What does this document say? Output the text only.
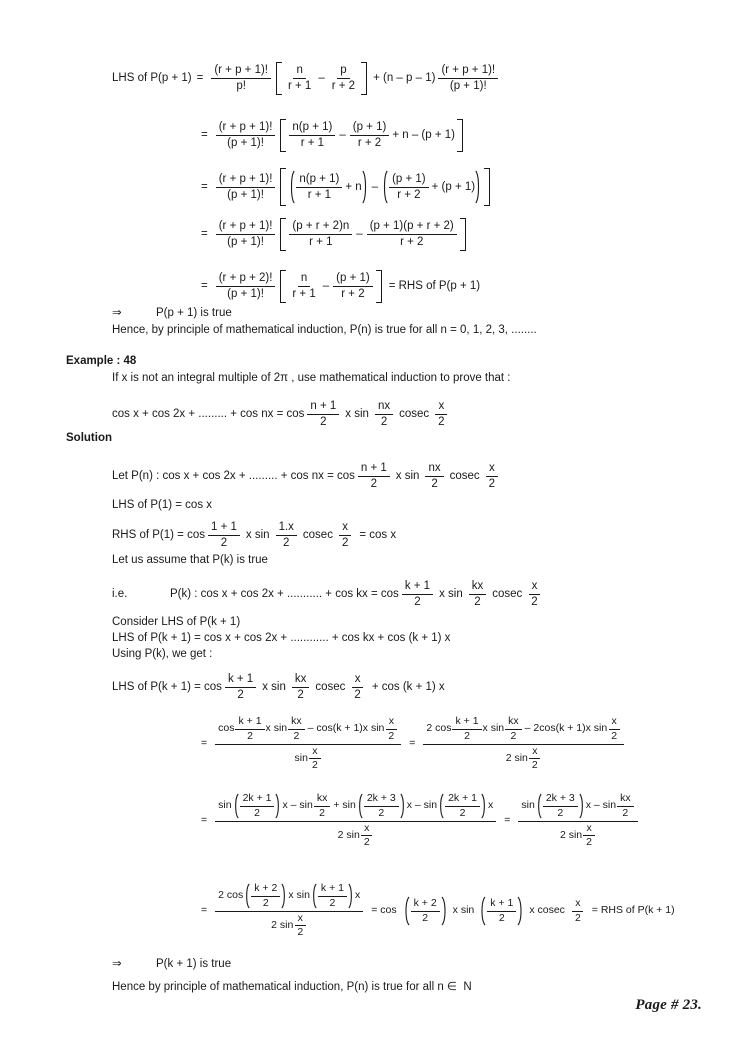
LHS of $P(p + 1) = \frac{(r + p + 1)!}{p!} \frac{n}{r + 1} - \frac{p}{r + 2} + (n - p - 1) \frac{(r + p + 1)!}{(p + 1)!}$
= $\frac{(r + p + 1)!}{(p + 1)!} \frac{n(p + 1)}{r + 1} - \frac{(p + 1)}{r + 2} + n - (p + 1)$
= $\frac{(r + p + 1)!}{(p + 1)!} \frac{n(p + 1)}{r + 1} + n - \frac{(p + 1)}{r + 2} + (p + 1)$
= $\frac{(r + p + 1)!}{(p + 1)!} \frac{(p + r + 2)n}{r + 1} - \frac{(p + 1)(p + r + 2)}{r + 2}$
= $\frac{(r + p + 2)!}{(p + 1)!} \frac{n}{r + 1} - \frac{(p + 1)}{r + 2}$ = RHS of P(p + 1)
⇒	P(p + 1) is true
Hence, by principle of mathematical induction, P(n) is true for all n = 0, 1, 2, 3, ........
Example : 48
If x is not an integral multiple of 2π , use mathematical induction to prove that :
cos x + cos 2x + ......... + cos nx = $\cos \frac{n + 1}{2}$ x $\sin \frac{nx}{2}$ cosec $\frac{x}{2}$
Solution
Let P(n) : cos x + cos 2x + ......... + cos nx = $\cos \frac{n + 1}{2}$ x $\sin \frac{nx}{2}$ cosec $\frac{x}{2}$
LHS of P(1) = cos x
RHS of $P(1) = \cos \frac{1 + 1}{2}$ x $\sin \frac{1.x}{2}$ cosec $\frac{x}{2} = \cos x$
Let us assume that P(k) is true
i.e.	P(k) : cos x + cos 2x + ........... + cos kx = $\cos \frac{k + 1}{2}$ x $\sin \frac{kx}{2}$ cosec $\frac{x}{2}$
Consider LHS of P(k + 1)
LHS of P(k + 1) = cos x + cos 2x + ............ + cos kx + cos (k + 1) x
Using P(k), we get :
LHS of $P(k + 1) = \cos \frac{k + 1}{2}$ x $\sin \frac{kx}{2}$ cosec $\frac{x}{2} + \cos (k + 1)$ x
=
$\cos \frac{k + 1}{2}$ x $\sin \frac{kx}{2} - \cos(k + 1)x$ $\sin \frac{x}{2}$
$\sin \frac{x}{2}$
=
2 $\cos \frac{k + 1}{2}$ x $\sin \frac{kx}{2} - 2\cos(k + 1)x$ $\sin \frac{x}{2}$
2 $\sin \frac{x}{2}$
=
$\sin \frac{2k + 1}{2}$ $x - \sin \frac{kx}{2} + \sin \frac{2k + 3}{2}$ x – $\sin \frac{2k + 1}{2}$ x
2 $\sin \frac{x}{2}$
=
$\sin \frac{2k + 3}{2}$ x – $\sin \frac{kx}{2}$
2 $\sin \frac{x}{2}$
=
2 $\cos \frac{k + 2}{2}$ x $\sin \frac{k + 1}{2}$ x
2 $\sin \frac{x}{2}$
= $\cos \frac{k + 2}{2}$ x $\sin \frac{k + 1}{2}$ x cosec $\frac{x}{2}$ = RHS of P(k + 1)
⇒	P(k + 1) is true
Hence by principle of mathematical induction, P(n) is true for all n ∈  N
Page # 23.
